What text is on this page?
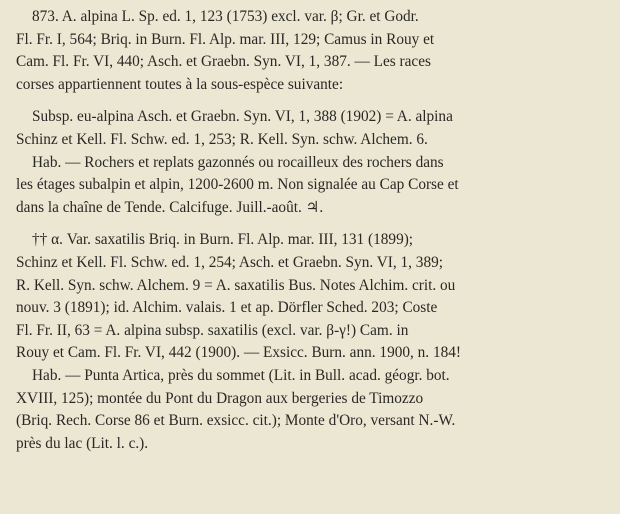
873. A. alpina L. Sp. ed. 1, 123 (1753) excl. var. β; Gr. et Godr.
Fl. Fr. I, 564; Briq. in Burn. Fl. Alp. mar. III, 129; Camus in Rouy et
Cam. Fl. Fr. VI, 440; Asch. et Graebn. Syn. VI, 1, 387. — Les races
corses appartiennent toutes à la sous-espèce suivante:
Subsp. eu-alpina Asch. et Graebn. Syn. VI, 1, 388 (1902) = A. alpina
Schinz et Kell. Fl. Schw. ed. 1, 253; R. Kell. Syn. schw. Alchem. 6.
Hab. — Rochers et replats gazonnés ou rocailleux des rochers dans
les étages subalpin et alpin, 1200-2600 m. Non signalée au Cap Corse et
dans la chaîne de Tende. Calcifuge. Juill.-août. ♃.
†† α. Var. saxatilis Briq. in Burn. Fl. Alp. mar. III, 131 (1899);
Schinz et Kell. Fl. Schw. ed. 1, 254; Asch. et Graebn. Syn. VI, 1, 389;
R. Kell. Syn. schw. Alchem. 9 = A. saxatilis Bus. Notes Alchim. crit. ou
nouv. 3 (1891); id. Alchim. valais. 1 et ap. Dörfler Sched. 203; Coste
Fl. Fr. II, 63 = A. alpina subsp. saxatilis (excl. var. β-γ!) Cam. in
Rouy et Cam. Fl. Fr. VI, 442 (1900). — Exsicc. Burn. ann. 1900, n. 184!
Hab. — Punta Artica, près du sommet (Lit. in Bull. acad. géogr. bot.
XVIII, 125); montée du Pont du Dragon aux bergeries de Timozzo
(Briq. Rech. Corse 86 et Burn. exsicc. cit.); Monte d'Oro, versant N.-W.
près du lac (Lit. l. c.).
